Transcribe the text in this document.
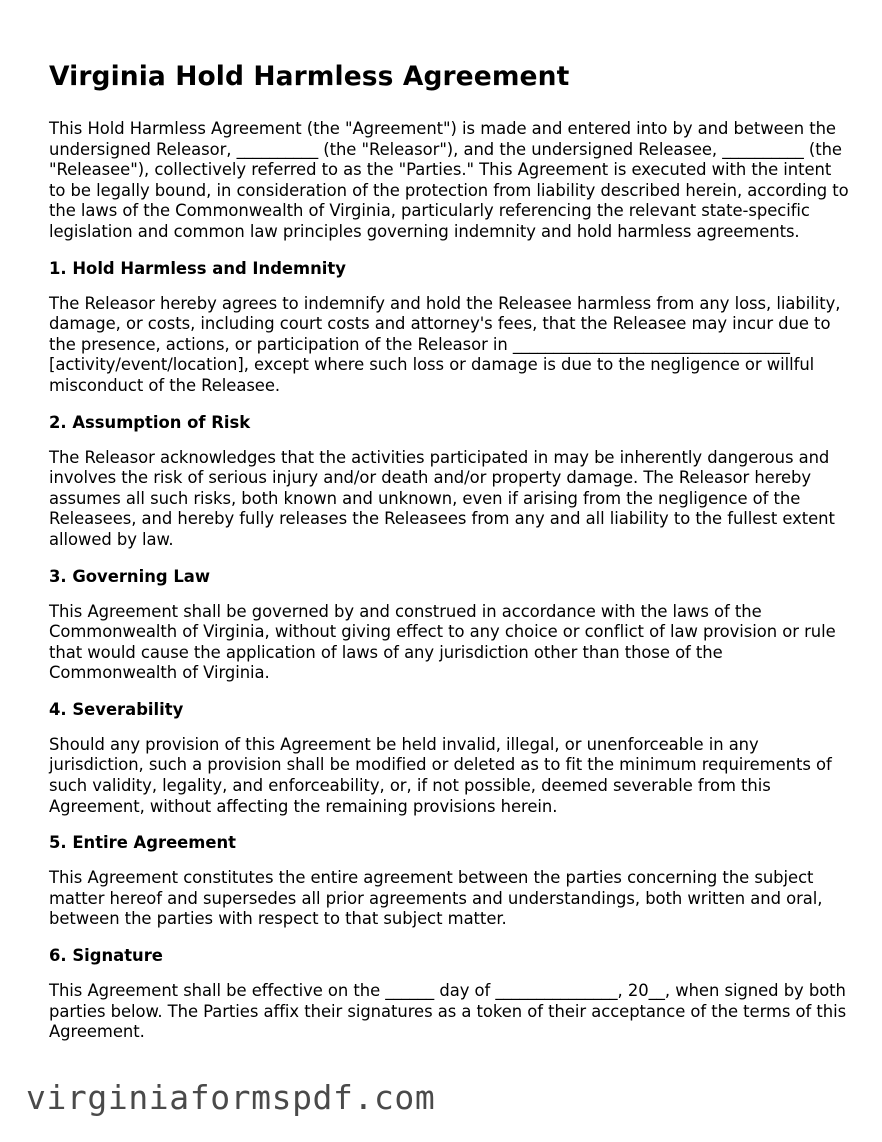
Virginia Hold Harmless Agreement

This Hold Harmless Agreement (the "Agreement") is made and entered into by and between the undersigned Releasor, __________ (the "Releasor"), and the undersigned Releasee, __________ (the "Releasee"), collectively referred to as the "Parties." This Agreement is executed with the intent to be legally bound, in consideration of the protection from liability described herein, according to the laws of the Commonwealth of Virginia, particularly referencing the relevant state-specific legislation and common law principles governing indemnity and hold harmless agreements.

1. Hold Harmless and Indemnity

The Releasor hereby agrees to indemnify and hold the Releasee harmless from any loss, liability, damage, or costs, including court costs and attorney's fees, that the Releasee may incur due to the presence, actions, or participation of the Releasor in __________________________________ [activity/event/location], except where such loss or damage is due to the negligence or willful misconduct of the Releasee.

2. Assumption of Risk

The Releasor acknowledges that the activities participated in may be inherently dangerous and involves the risk of serious injury and/or death and/or property damage. The Releasor hereby assumes all such risks, both known and unknown, even if arising from the negligence of the Releasees, and hereby fully releases the Releasees from any and all liability to the fullest extent allowed by law.

3. Governing Law

This Agreement shall be governed by and construed in accordance with the laws of the Commonwealth of Virginia, without giving effect to any choice or conflict of law provision or rule that would cause the application of laws of any jurisdiction other than those of the Commonwealth of Virginia.

4. Severability

Should any provision of this Agreement be held invalid, illegal, or unenforceable in any jurisdiction, such a provision shall be modified or deleted as to fit the minimum requirements of such validity, legality, and enforceability, or, if not possible, deemed severable from this Agreement, without affecting the remaining provisions herein.

5. Entire Agreement

This Agreement constitutes the entire agreement between the parties concerning the subject matter hereof and supersedes all prior agreements and understandings, both written and oral, between the parties with respect to that subject matter.

6. Signature

This Agreement shall be effective on the ______ day of _______________, 20__, when signed by both parties below. The Parties affix their signatures as a token of their acceptance of the terms of this Agreement.

virginiaformspdf.com
